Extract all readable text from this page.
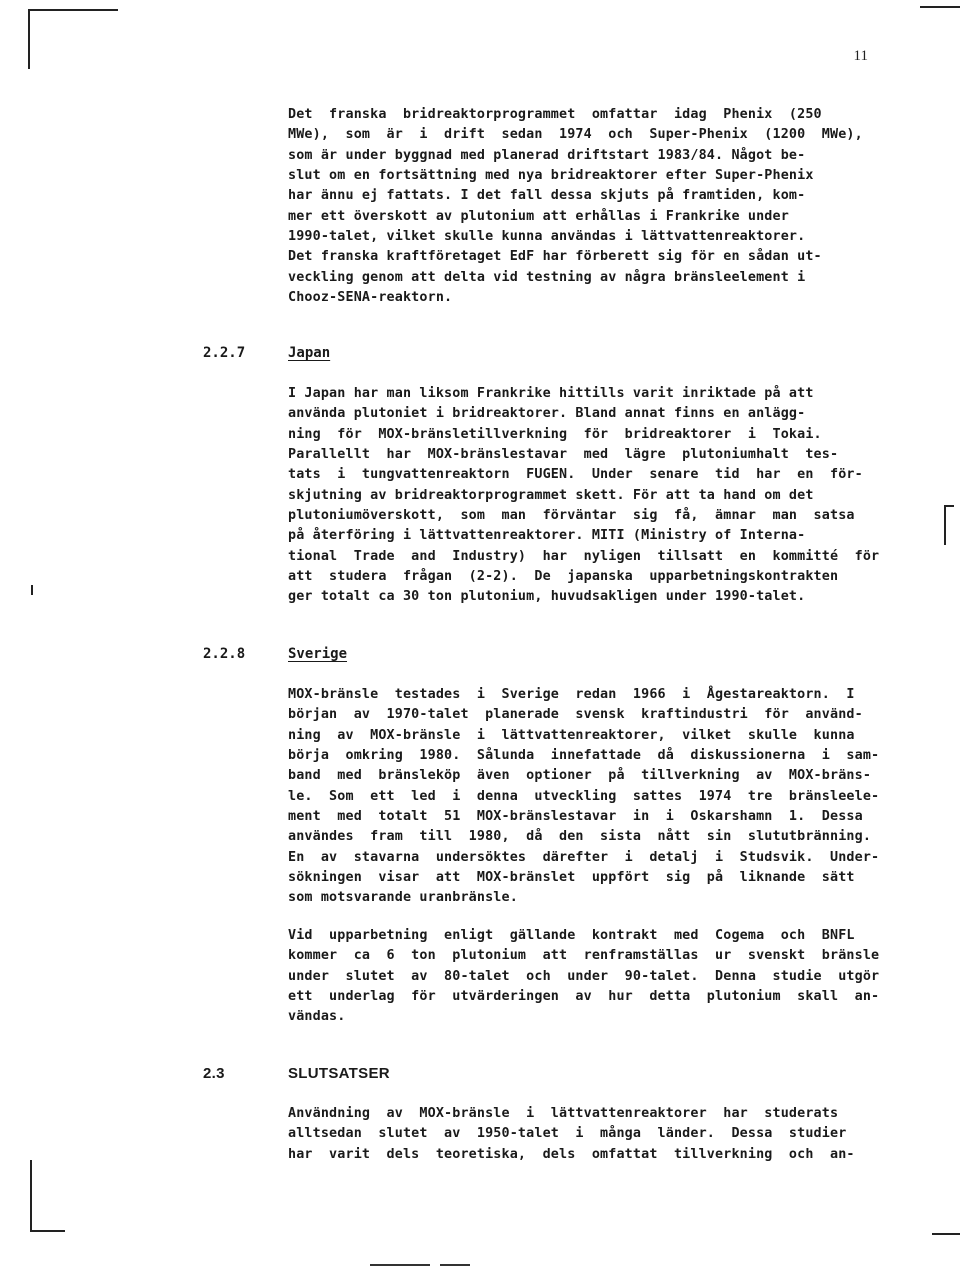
11

Det  franska  bridreaktorprogrammet  omfattar  idag  Phenix  (250
MWe),  som  är  i  drift  sedan  1974  och  Super-Phenix  (1200  MWe),
som är under byggnad med planerad driftstart 1983/84. Något be-
slut om en fortsättning med nya bridreaktorer efter Super-Phenix
har ännu ej fattats. I det fall dessa skjuts på framtiden, kom-
mer ett överskott av plutonium att erhållas i Frankrike under
1990-talet, vilket skulle kunna användas i lättvattenreaktorer.
Det franska kraftföretaget EdF har förberett sig för en sådan ut-
veckling genom att delta vid testning av några bränsleelement i
Chooz-SENA-reaktorn.

2.2.7	Japan

I Japan har man liksom Frankrike hittills varit inriktade på att
använda plutoniet i bridreaktorer. Bland annat finns en anlägg-
ning  för  MOX-bränsletillverkning  för  bridreaktorer  i  Tokai.
Parallellt  har  MOX-bränslestavar  med  lägre  plutoniumhalt  tes-
tats  i  tungvattenreaktorn  FUGEN.  Under  senare  tid  har  en  för-
skjutning av bridreaktorprogrammet skett. För att ta hand om det
plutoniumöverskott,  som  man  förväntar  sig  få,  ämnar  man  satsa
på återföring i lättvattenreaktorer. MITI (Ministry of Interna-
tional  Trade  and  Industry)  har  nyligen  tillsatt  en  kommitté  för
att  studera  frågan  (2-2).  De  japanska  upparbetningskontrakten
ger totalt ca 30 ton plutonium, huvudsakligen under 1990-talet.

2.2.8	Sverige

MOX-bränsle  testades  i  Sverige  redan  1966  i  Ågestareaktorn.  I
början  av  1970-talet  planerade  svensk  kraftindustri  för  använd-
ning  av  MOX-bränsle  i  lättvattenreaktorer,  vilket  skulle  kunna
börja  omkring  1980.  Sålunda  innefattade  då  diskussionerna  i  sam-
band  med  bränsleköp  även  optioner  på  tillverkning  av  MOX-bräns-
le.  Som  ett  led  i  denna  utveckling  sattes  1974  tre  bränsleele-
ment  med  totalt  51  MOX-bränslestavar  in  i  Oskarshamn  1.  Dessa
användes  fram  till  1980,  då  den  sista  nått  sin  slututbränning.
En  av  stavarna  undersöktes  därefter  i  detalj  i  Studsvik.  Under-
sökningen  visar  att  MOX-bränslet  uppfört  sig  på  liknande  sätt
som motsvarande uranbränsle.

Vid  upparbetning  enligt  gällande  kontrakt  med  Cogema  och  BNFL
kommer  ca  6  ton  plutonium  att  renframställas  ur  svenskt  bränsle
under  slutet  av  80-talet  och  under  90-talet.  Denna  studie  utgör
ett  underlag  för  utvärderingen  av  hur  detta  plutonium  skall  an-
vändas.

2.3	SLUTSATSER

Användning  av  MOX-bränsle  i  lättvattenreaktorer  har  studerats
alltsedan  slutet  av  1950-talet  i  många  länder.  Dessa  studier
har  varit  dels  teoretiska,  dels  omfattat  tillverkning  och  an-
